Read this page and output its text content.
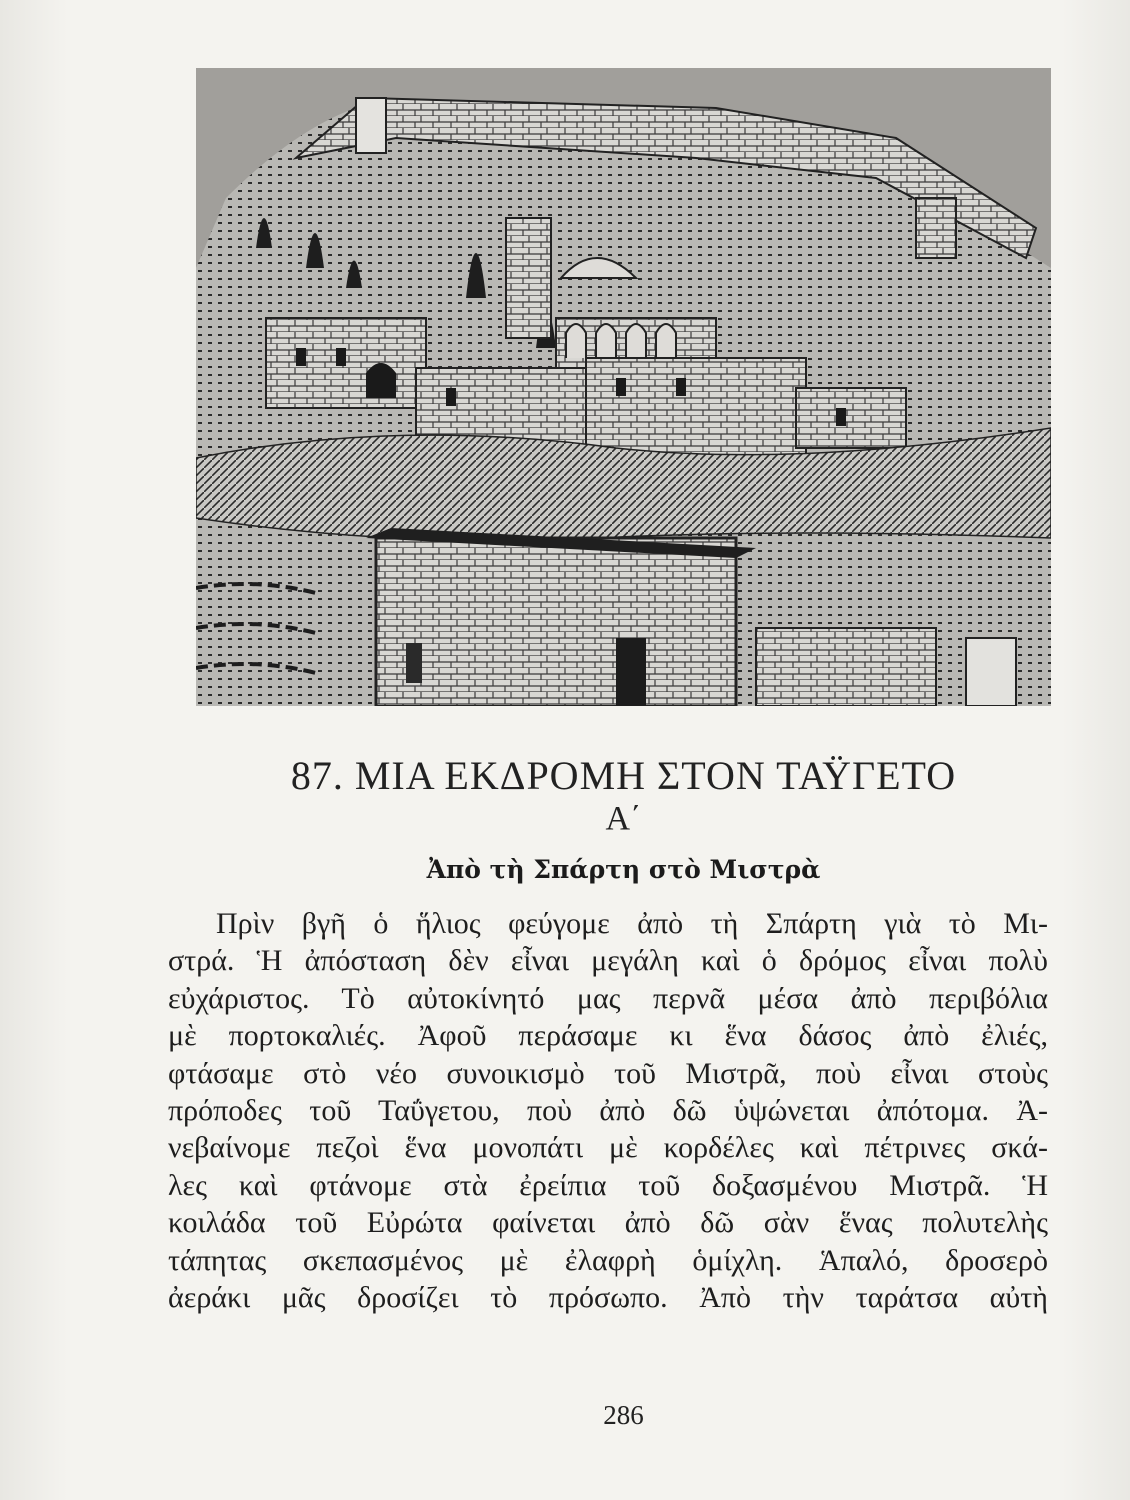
87. ΜΙΑ ΕΚΔΡΟΜΗ ΣΤΟΝ ΤΑΫΓΕΤΟ
Α΄
Ἀπὸ τὴ Σπάρτη στὸ Μιστρὰ
Πρὶν βγῆ ὁ ἥλιος φεύγομε ἀπὸ τὴ Σπάρτη γιὰ τὸ Μι-
στρά. Ἡ ἀπόσταση δὲν εἶναι μεγάλη καὶ ὁ δρόμος εἶναι πολὺ
εὐχάριστος. Τὸ αὐτοκίνητό μας περνᾶ μέσα ἀπὸ περιβόλια
μὲ πορτοκαλιές. Ἀφοῦ περάσαμε κι ἕνα δάσος ἀπὸ ἐλιές,
φτάσαμε στὸ νέο συνοικισμὸ τοῦ Μιστρᾶ, ποὺ εἶναι στοὺς
πρόποδες τοῦ Ταΰγετου, ποὺ ἀπὸ δῶ ὑψώνεται ἀπότομα. Ἀ-
νεβαίνομε πεζοὶ ἕνα μονοπάτι μὲ κορδέλες καὶ πέτρινες σκά-
λες καὶ φτάνομε στὰ ἐρείπια τοῦ δοξασμένου Μιστρᾶ. Ἡ
κοιλάδα τοῦ Εὐρώτα φαίνεται ἀπὸ δῶ σὰν ἕνας πολυτελὴς
τάπητας σκεπασμένος μὲ ἐλαφρὴ ὁμίχλη. Ἁπαλό, δροσερὸ
ἀεράκι μᾶς δροσίζει τὸ πρόσωπο. Ἀπὸ τὴν ταράτσα αὐτὴ
286
